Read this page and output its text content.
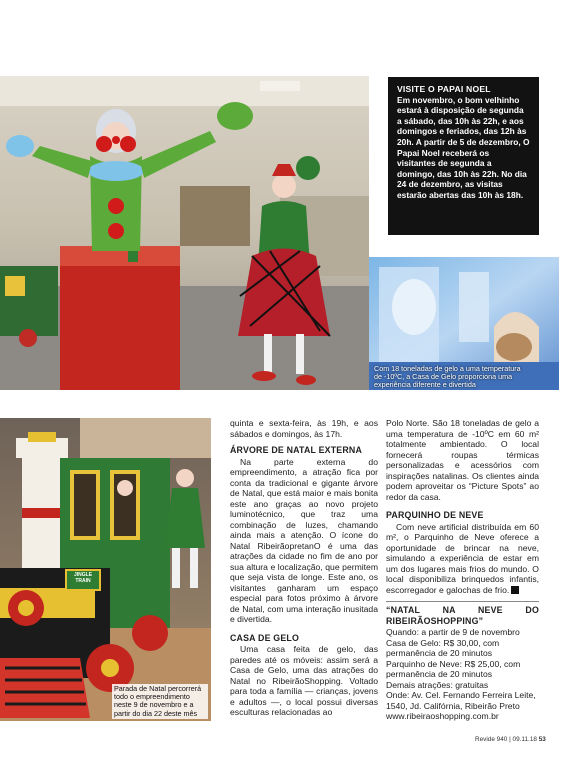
VISITE O PAPAI NOEL
Em novembro, o bom velhinho estará à disposição de segunda a sábado, das 10h às 22h, e aos domingos e feriados, das 12h às 20h. A partir de 5 de dezembro, O Papai Noel receberá os visitantes de segunda a domingo, das 10h às 22h. No dia 24 de dezembro, as visitas estarão abertas das 10h às 18h.
Com 18 toneladas de gelo a uma temperatura de -10ºC, a Casa de Gelo proporciona uma experiência diferente e divertida
JINGLE TRAIN
Parada de Natal percorrerá todo o empreendimento neste 9 de novembro e a partir do dia 22 deste mês

quinta e sexta-feira, às 19h, e aos sábados e domingos, às 17h.

ÁRVORE DE NATAL EXTERNA

Na parte externa do empreendimento, a atração fica por conta da tradicional e gigante árvore de Natal, que está maior e mais bonita este ano graças ao novo projeto luminotécnico, que traz uma combinação de luzes, chamando ainda mais a atenção. O ícone do Natal RibeirãopretanO é uma das atrações da cidade no fim de ano por sua altura e localização, que permitem que seja vista de longe. Este ano, os visitantes ganharam um espaço especial para fotos próximo à árvore de Natal, com uma interação inusitada e divertida.

CASA DE GELO

Uma casa feita de gelo, das paredes até os móveis: assim será a Casa de Gelo, uma das atrações do Natal no RibeirãoShopping. Voltado para toda a família — crianças, jovens e adultos —, o local possui diversas esculturas relacionadas ao

Polo Norte. São 18 toneladas de gelo a uma temperatura de -10ºC em 60 m² totalmente ambientado. O local fornecerá roupas térmicas personalizadas e acessórios com inspirações natalinas. Os clientes ainda podem aproveitar os “Picture Spots” ao redor da casa.

PARQUINHO DE NEVE

Com neve artificial distribuída em 60 m², o Parquinho de Neve oferece a oportunidade de brincar na neve, simulando a experiência de estar em um dos lugares mais frios do mundo. O local disponibiliza brinquedos infantis, escorregador e galochas de frio.

“NATAL NA NEVE DO RIBEIRÃOSHOPPING”

Quando: a partir de 9 de novembro

Casa de Gelo: R$ 30,00, com permanência de 20 minutos

Parquinho de Neve: R$ 25,00, com permanência de 20 minutos

Demais atrações: gratuitas

Onde: Av. Cel. Fernando Ferreira Leite, 1540, Jd. Califórnia, Ribeirão Preto

www.ribeiraoshopping.com.br

Revide 940 | 09.11.18 53
